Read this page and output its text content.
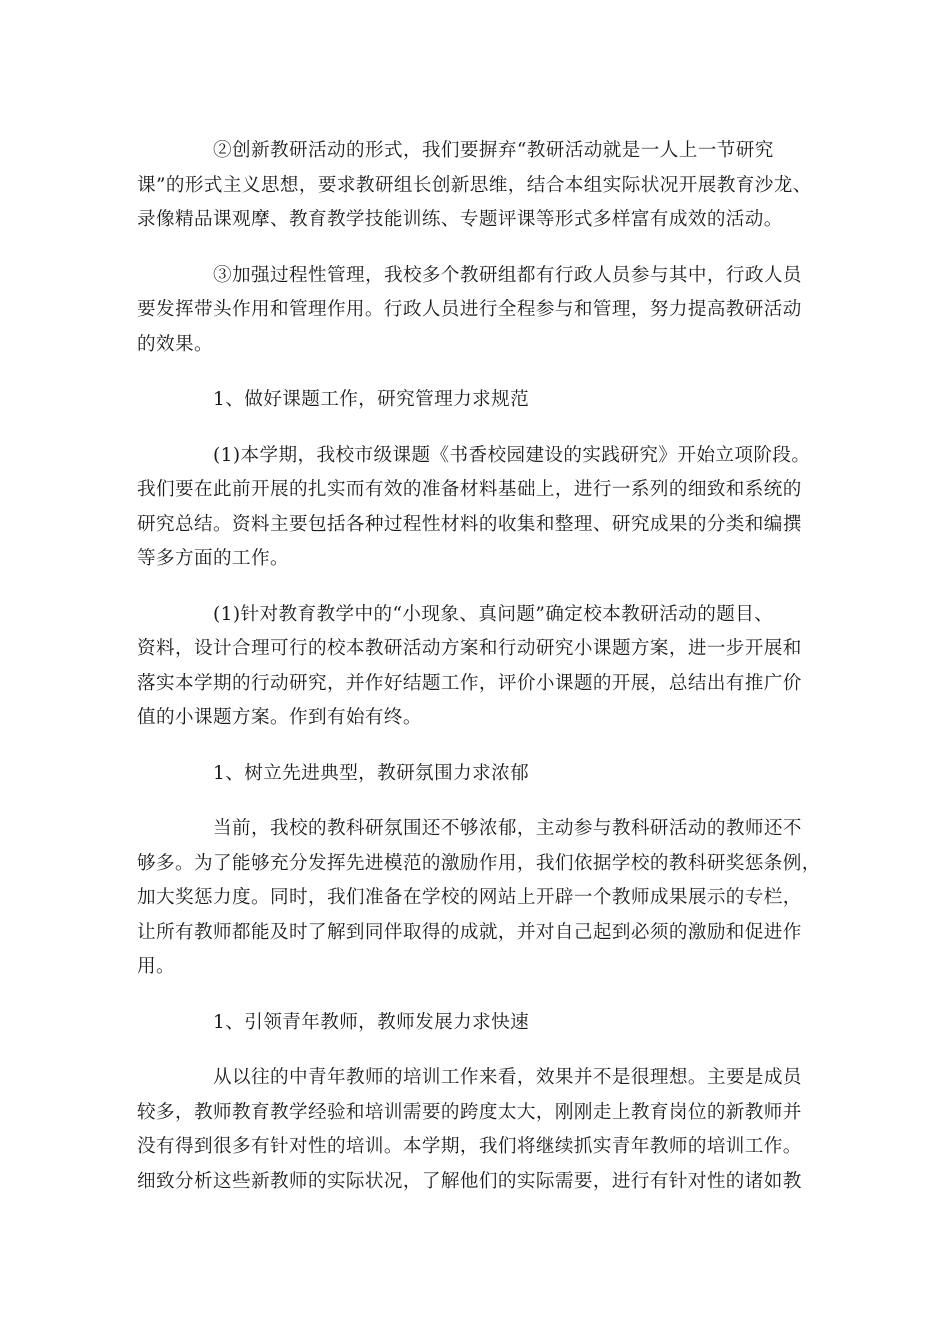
②创新教研活动的形式，我们要摒弃“教研活动就是一人上一节研究
课”的形式主义思想，要求教研组长创新思维，结合本组实际状况开展教育沙龙、
录像精品课观摩、教育教学技能训练、专题评课等形式多样富有成效的活动。

③加强过程性管理，我校多个教研组都有行政人员参与其中，行政人员
要发挥带头作用和管理作用。行政人员进行全程参与和管理，努力提高教研活动
的效果。

1、做好课题工作，研究管理力求规范

(1)本学期，我校市级课题《书香校园建设的实践研究》开始立项阶段。
我们要在此前开展的扎实而有效的准备材料基础上，进行一系列的细致和系统的
研究总结。资料主要包括各种过程性材料的收集和整理、研究成果的分类和编撰
等多方面的工作。

(1)针对教育教学中的“小现象、真问题”确定校本教研活动的题目、
资料，设计合理可行的校本教研活动方案和行动研究小课题方案，进一步开展和
落实本学期的行动研究，并作好结题工作，评价小课题的开展，总结出有推广价
值的小课题方案。作到有始有终。

1、树立先进典型，教研氛围力求浓郁

当前，我校的教科研氛围还不够浓郁，主动参与教科研活动的教师还不
够多。为了能够充分发挥先进模范的激励作用，我们依据学校的教科研奖惩条例，
加大奖惩力度。同时，我们准备在学校的网站上开辟一个教师成果展示的专栏，
让所有教师都能及时了解到同伴取得的成就，并对自己起到必须的激励和促进作
用。

1、引领青年教师，教师发展力求快速

从以往的中青年教师的培训工作来看，效果并不是很理想。主要是成员
较多，教师教育教学经验和培训需要的跨度太大，刚刚走上教育岗位的新教师并
没有得到很多有针对性的培训。本学期，我们将继续抓实青年教师的培训工作。
细致分析这些新教师的实际状况，了解他们的实际需要，进行有针对性的诸如教
